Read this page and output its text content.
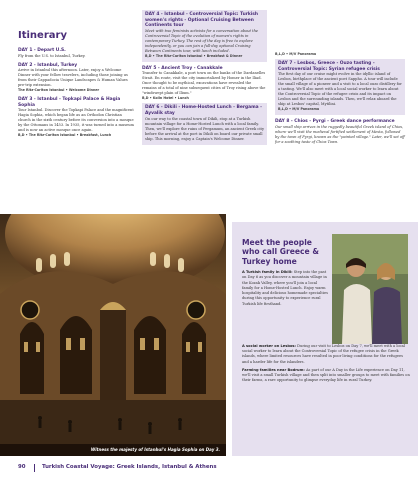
Itinerary
DAY 1 - Depart U.S.
Fly from the U.S. to Istanbul, Turkey.
DAY 2 - Istanbul, Turkey
Arrive in Istanbul this afternoon. Later, enjoy a Welcome Dinner with your fellow travelers, including those joining us from their Cappadocia Unique Landscapes & Human Values pre-trip extension.
The Ritz-Carlton Istanbul • Welcome Dinner
DAY 3 - Istanbul - Topkapi Palace & Hagia Sophia
Tour Istanbul. Discover the Topkapi Palace and the magnificent Hagia Sophia, which began life as an Orthodox Christian church in the sixth century before its conversion into a mosque by the Ottomans in 1453. In 1935, it was turned into a museum and is now an active mosque once again.
B,D • The Ritz-Carlton Istanbul • Breakfast, Lunch
DAY 4 - Istanbul - Controversial Topic: Turkish women's rights - Optional Cruising Between Continents tour
Meet with two feminists activists for a conversation about the Controversial Topic of the evolution of women's rights in contemporary Turkey. The rest of the day is free to explore independently, or you can join a full-day optional Cruising Between Continents tour, with lunch included.
B,D • The Ritz-Carlton Istanbul • Breakfast & Dinner
DAY 5 - Ancient Troy - Canakkale
Transfer to Canakkale, a port town on the banks of the Dardanelles Strait. En route, visit the city immortalized by Homer in the Iliad. Once thought to be mythical, excavations have revealed the remains of a total of nine subsequent cities of Troy rising above the "windswept plain of Ilium."
B,D • Kolin Hotel • Lunch
DAY 6 - Dikili - Home-Hosted Lunch - Bergama - Ayvalik stay
On our way to the coastal town of Dikili, stop at a Turkish mountain village for a Home-Hosted Lunch with a local family. Then, we'll explore the ruins of Pergamum, an ancient Greek city before the arrival at the port in Dikili on board our private small ship. This morning, enjoy a Captain's Welcome Dinner.
B,L,D • M/V Panorama
DAY 7 - Lesbos, Greece - Ouzo tasting - Controversial Topic: Syrian refugee crisis
The first day of our cruise might evolve in the idyllic island of Lesbos, birthplace of the ancient poet Sappho. A tour will include the small village of a pioneer and a visit to a local ouzo distillery for a tasting. We'll also meet with a local social worker to learn about the Controversial Topic of the refugee crisis and its impact on Lesbos and the surrounding islands. Then, we'll relax aboard the ship at Lesbos' capital, Mytilini.
B,L,D • M/V Panorama
DAY 8 - Chios - Pyrgi - Greek dance performance
Our small ship arrives in the ruggedly beautiful Greek island of Chios, where we'll visit the medieval fortified settlement of Mesta, followed by the town of Pyrgi, known as the "painted village." Later, we'll set off for a soothing taste of Chios Town.
Witness the majesty of Istanbul's Hagia Sophia on Day 3.
Meet the people who call Greece & Turkey home
A Turkish family in Dikili: Step into the past on Day 6 as you discover a mountain village in the Kozak Valley, where you'll join a local family for a Home-Hosted Lunch. Enjoy warm hospitality and delicious homemade specialties during this opportunity to experience rural Turkish life firsthand.

A social worker on Lesbos: During our visit to Lesbos on Day 7, we'll meet with a local social worker to learn about the Controversial Topic of the refugee crisis in the Greek islands, where limited resources have resulted in poor living conditions for the refugees and a harder life for the islanders.

Farming families near Bodrum: As part of our A Day in the Life experience on Day 11, we'll visit a small Turkish village and then split into smaller groups to meet with families on their farms, a rare opportunity to glimpse everyday life in rural Turkey.

90	Turkish Coastal Voyage: Greek Islands, Istanbul & Athens
